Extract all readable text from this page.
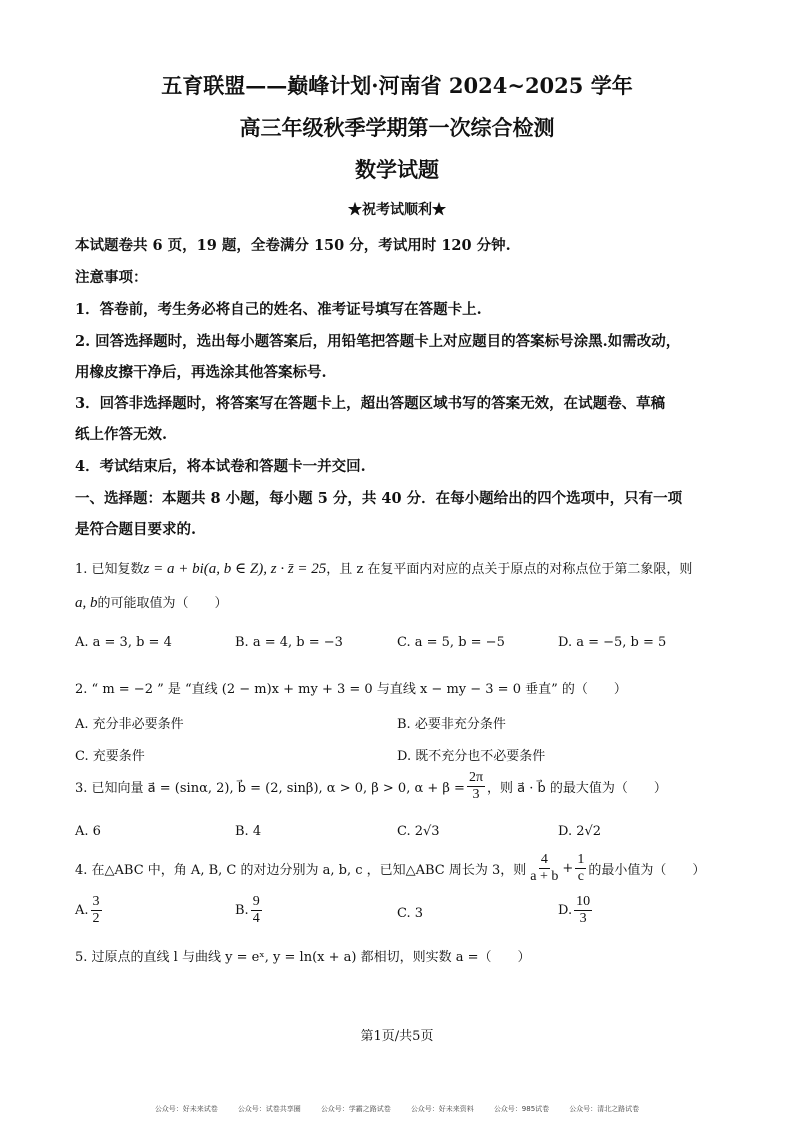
五育联盟——巅峰计划·河南省 2024~2025 学年
高三年级秋季学期第一次综合检测
数学试题
★祝考试顺利★
本试题卷共 6 页，19 题，全卷满分 150 分，考试用时 120 分钟.
注意事项：
1．答卷前，考生务必将自己的姓名、准考证号填写在答题卡上.
2. 回答选择题时，选出每小题答案后，用铅笔把答题卡上对应题目的答案标号涂黑.如需改动，
用橡皮擦干净后，再选涂其他答案标号.
3．回答非选择题时，将答案写在答题卡上，超出答题区域书写的答案无效，在试题卷、草稿
纸上作答无效.
4．考试结束后，将本试卷和答题卡一并交回.
一、选择题：本题共 8 小题，每小题 5 分，共 40 分．在每小题给出的四个选项中，只有一项
是符合题目要求的.
1. 已知复数z = a + bi(a, b ∈ Z), z · z̄ = 25，且 z 在复平面内对应的点关于原点的对称点位于第二象限，则
a, b的可能取值为（　　）
A. a = 3, b = 4	B. a = 4, b = −3	C. a = 5, b = −5	D. a = −5, b = 5
2. “ m = −2 ” 是 “直线 (2 − m)x + my + 3 = 0 与直线 x − my − 3 = 0 垂直” 的（　　）
A. 充分非必要条件	B. 必要非充分条件
C. 充要条件	D. 既不充分也不必要条件
3. 已知向量 a⃗ = (sinα, 2), b⃗ = (2, sinβ), α > 0, β > 0, $\alpha + \beta = \frac{2\pi}{3}$ ，则 a⃗ · b⃗ 的最大值为（　　）
A. 6	B. 4	C. 2√3	D. 2√2
4. 在△ABC 中，角 A, B, C 的对边分别为 a, b, c ，已知△ABC 周长为 3，则 $\frac{4}{a + b} + \frac{1}{c}$ 的最小值为（　　）
A. $\frac{3}{2}$	B. $\frac{9}{4}$	C. 3	D. $\frac{10}{3}$
5. 过原点的直线 l 与曲线 y = eˣ, y = ln(x + a) 都相切，则实数 a =（　　）
第1页/共5页
公众号：好未来试卷	公众号：试卷共享圈	公众号：学霸之路试卷	公众号：好未来资料	公众号：985试卷	公众号：清北之路试卷
